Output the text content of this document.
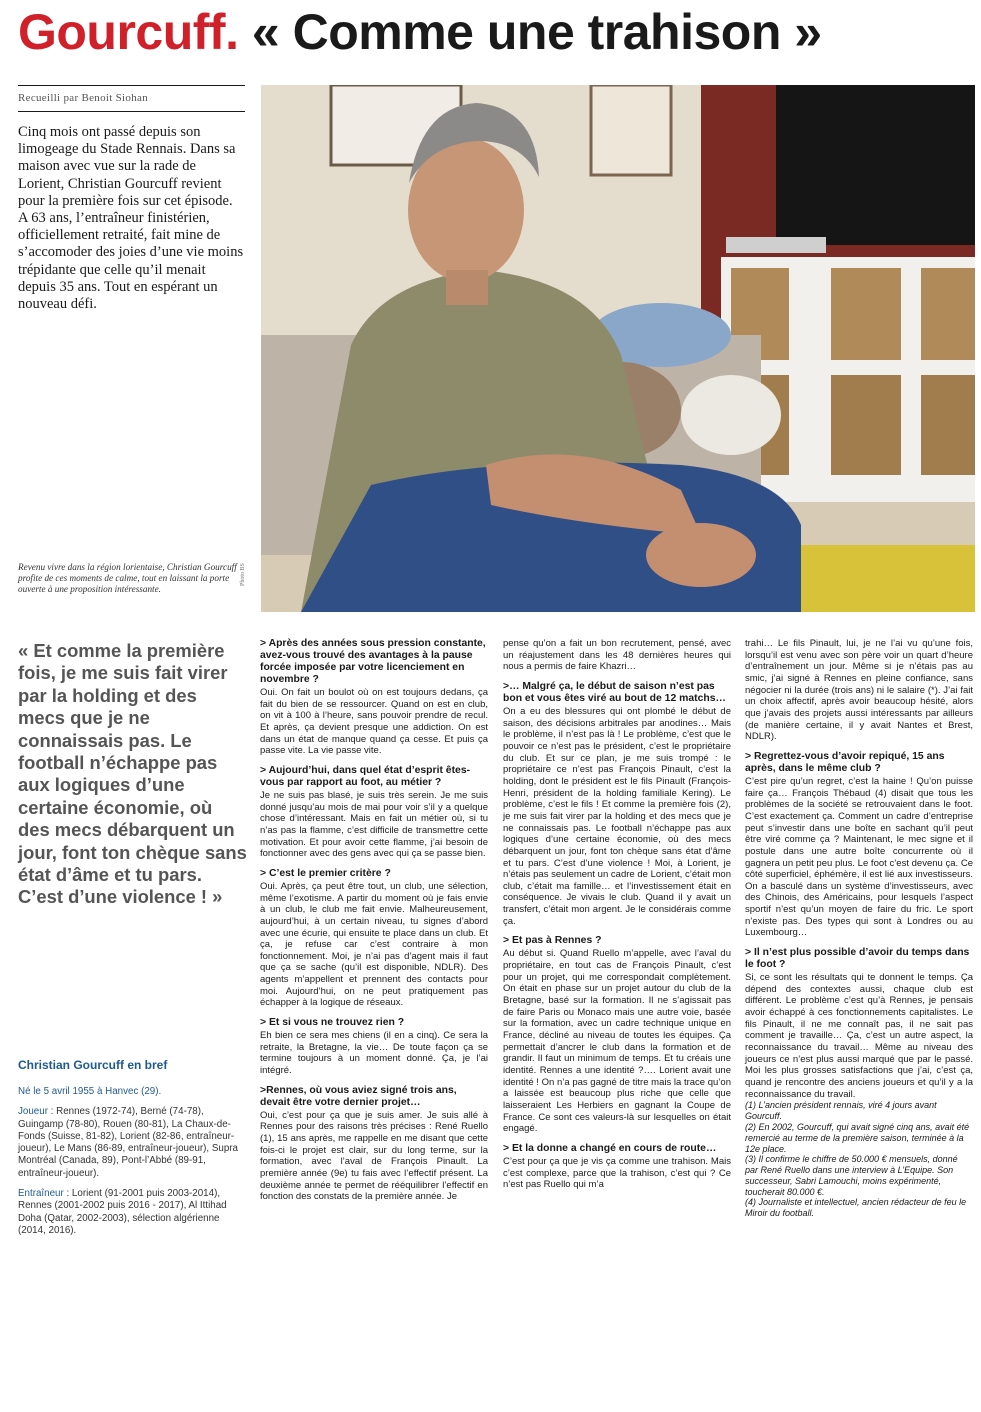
Gourcuff. « Comme une trahison »
Recueilli par Benoit Siohan

Cinq mois ont passé depuis son limogeage du Stade Rennais. Dans sa maison avec vue sur la rade de Lorient, Christian Gourcuff revient pour la première fois sur cet épisode. A 63 ans, l’entraîneur finistérien, officiellement retraité, fait mine de s’accomoder des joies d’une vie moins trépidante que celle qu’il menait depuis 35 ans. Tout en espérant un nouveau défi.

Revenu vivre dans la région lorientaise, Christian Gourcuff profite de ces moments de calme, tout en laissant la porte ouverte à une proposition intéressante.

Photo BS

« Et comme la première fois, je me suis fait virer par la holding et des mecs que je ne connaissais pas. Le football n’échappe pas aux logiques d’une certaine économie, où des mecs débarquent un jour, font ton chèque sans état d’âme et tu pars. C’est d’une violence ! »

Christian Gourcuff en bref

Né le 5 avril 1955 à Hanvec (29).

Joueur : Rennes (1972-74), Berné (74-78), Guingamp (78-80), Rouen (80-81), La Chaux-de-Fonds (Suisse, 81-82), Lorient (82-86, entraîneur-joueur), Le Mans (86-89, entraîneur-joueur), Supra Montréal (Canada, 89), Pont-l’Abbé (89-91, entraîneur-joueur).

Entraîneur : Lorient (91-2001 puis 2003-2014), Rennes (2001-2002 puis 2016 - 2017), Al Ittihad Doha (Qatar, 2002-2003), sélection algérienne (2014, 2016).

> Après des années sous pression constante, avez-vous trouvé des avantages à la pause forcée imposée par votre licenciement en novembre ?

Oui. On fait un boulot où on est toujours dedans, ça fait du bien de se ressourcer. Quand on est en club, on vit à 100 à l’heure, sans pouvoir prendre de recul. Et après, ça devient presque une addiction. On est dans un état de manque quand ça cesse. Et puis ça passe vite. La vie passe vite.

> Aujourd’hui, dans quel état d’esprit êtes-vous par rapport au foot, au métier ?

Je ne suis pas blasé, je suis très serein. Je me suis donné jusqu’au mois de mai pour voir s’il y a quelque chose d’intéressant. Mais en fait un métier où, si tu n’as pas la flamme, c’est difficile de transmettre cette motivation. Et pour avoir cette flamme, j’ai besoin de fonctionner avec des gens avec qui ça se passe bien.

> C’est le premier critère ?

Oui. Après, ça peut être tout, un club, une sélection, même l’exotisme. A partir du moment où je fais envie à un club, le club me fait envie. Malheureusement, aujourd’hui, à un certain niveau, tu signes d’abord avec une écurie, qui ensuite te place dans un club. Et ça, je refuse car c’est contraire à mon fonctionnement. Moi, je n’ai pas d’agent mais il faut que ça se sache (qu’il est disponible, NDLR). Des agents m’appellent et prennent des contacts pour moi. Aujourd’hui, on ne peut pratiquement pas échapper à la logique de réseaux.

> Et si vous ne trouvez rien ?

Eh bien ce sera mes chiens (il en a cinq). Ce sera la retraite, la Bretagne, la vie… De toute façon ça se termine toujours à un moment donné. Ça, je l’ai intégré.

>Rennes, où vous aviez signé trois ans, devait être votre dernier projet…

Oui, c’est pour ça que je suis amer. Je suis allé à Rennes pour des raisons très précises : René Ruello (1), 15 ans après, me rappelle en me disant que cette fois-ci le projet est clair, sur du long terme, sur la formation, avec l’aval de François Pinault. La première année (9e) tu fais avec l’effectif présent. La deuxième année te permet de rééquilibrer l’effectif en fonction des constats de la première année. Je

pense qu’on a fait un bon recrutement, pensé, avec un réajustement dans les 48 dernières heures qui nous a permis de faire Khazri…

>… Malgré ça, le début de saison n’est pas bon et vous êtes viré au bout de 12 matchs…

On a eu des blessures qui ont plombé le début de saison, des décisions arbitrales par anodines… Mais le problème, il n’est pas là ! Le problème, c’est que le pouvoir ce n’est pas le président, c’est le propriétaire du club. Et sur ce plan, je me suis trompé : le propriétaire ce n’est pas François Pinault, c’est la holding, dont le président est le fils Pinault (François-Henri, président de la holding familiale Kering). Le problème, c’est le fils ! Et comme la première fois (2), je me suis fait virer par la holding et des mecs que je ne connaissais pas. Le football n’échappe pas aux logiques d’une certaine économie, où des mecs débarquent un jour, font ton chèque sans état d’âme et tu pars. C’est d’une violence ! Moi, à Lorient, je n’étais pas seulement un cadre de Lorient, c’était mon club, c’était ma famille… et l’investissement était en conséquence. Je vivais le club. Quand il y avait un transfert, c’était mon argent. Je le considérais comme ça.

> Et pas à Rennes ?

Au début si. Quand Ruello m’appelle, avec l’aval du propriétaire, en tout cas de François Pinault, c’est pour un projet, qui me correspondait complètement. On était en phase sur un projet autour du club de la Bretagne, basé sur la formation. Il ne s’agissait pas de faire Paris ou Monaco mais une autre voie, basée sur la formation, avec un cadre technique unique en France, décliné au niveau de toutes les équipes. Ça permettait d’ancrer le club dans la formation et de grandir. Il faut un minimum de temps. Et tu créais une identité. Rennes a une identité ?…. Lorient avait une identité ! On n’a pas gagné de titre mais la trace qu’on a laissée est beaucoup plus riche que celle que laisseraient Les Herbiers en gagnant la Coupe de France. Ce sont ces valeurs-là sur lesquelles on était engagé.

> Et la donne a changé en cours de route…

C’est pour ça que je vis ça comme une trahison. Mais c’est complexe, parce que la trahison, c’est qui ? Ce n’est pas Ruello qui m’a

trahi… Le fils Pinault, lui, je ne l’ai vu qu’une fois, lorsqu’il est venu avec son père voir un quart d’heure d’entraînement un jour. Même si je n’étais pas au smic, j’ai signé à Rennes en pleine confiance, sans négocier ni la durée (trois ans) ni le salaire (*). J’ai fait un choix affectif, après avoir beaucoup hésité, alors que j’avais des projets aussi intéressants par ailleurs (de manière certaine, il y avait Nantes et Brest, NDLR).

> Regrettez-vous d’avoir repiqué, 15 ans après, dans le même club ?

C’est pire qu’un regret, c’est la haine ! Qu’on puisse faire ça… François Thébaud (4) disait que tous les problèmes de la société se retrouvaient dans le foot. C’est exactement ça. Comment un cadre d’entreprise peut s’investir dans une boîte en sachant qu’il peut être viré comme ça ? Maintenant, le mec signe et il postule dans une autre boîte concurrente où il gagnera un petit peu plus. Le foot c’est devenu ça. Ce côté superficiel, éphémère, il est lié aux investisseurs. On a basculé dans un système d’investisseurs, avec des Chinois, des Américains, pour lesquels l’aspect sportif n’est qu’un moyen de faire du fric. Le sport n’existe pas. Des types qui sont à Londres ou au Luxembourg…

> Il n’est plus possible d’avoir du temps dans le foot ?

Si, ce sont les résultats qui te donnent le temps. Ça dépend des contextes aussi, chaque club est différent. Le problème c’est qu’à Rennes, je pensais avoir échappé à ces fonctionnements capitalistes. Le fils Pinault, il ne me connaît pas, il ne sait pas comment je travaille… Ça, c’est un autre aspect, la reconnaissance du travail… Même au niveau des joueurs ce n’est plus aussi marqué que par le passé. Moi les plus grosses satisfactions que j’ai, c’est ça, quand je rencontre des anciens joueurs et qu’il y a la reconnaissance du travail.

(1) L’ancien président rennais, viré 4 jours avant Gourcuff.

(2) En 2002, Gourcuff, qui avait signé cinq ans, avait été remercié au terme de la première saison, terminée à la 12e place.

(3) Il confirme le chiffre de 50.000 € mensuels, donné par René Ruello dans une interview à L’Equipe. Son successeur, Sabri Lamouchi, moins expérimenté, toucherait 80.000 €.

(4) Journaliste et intellectuel, ancien rédacteur de feu le Miroir du football.
